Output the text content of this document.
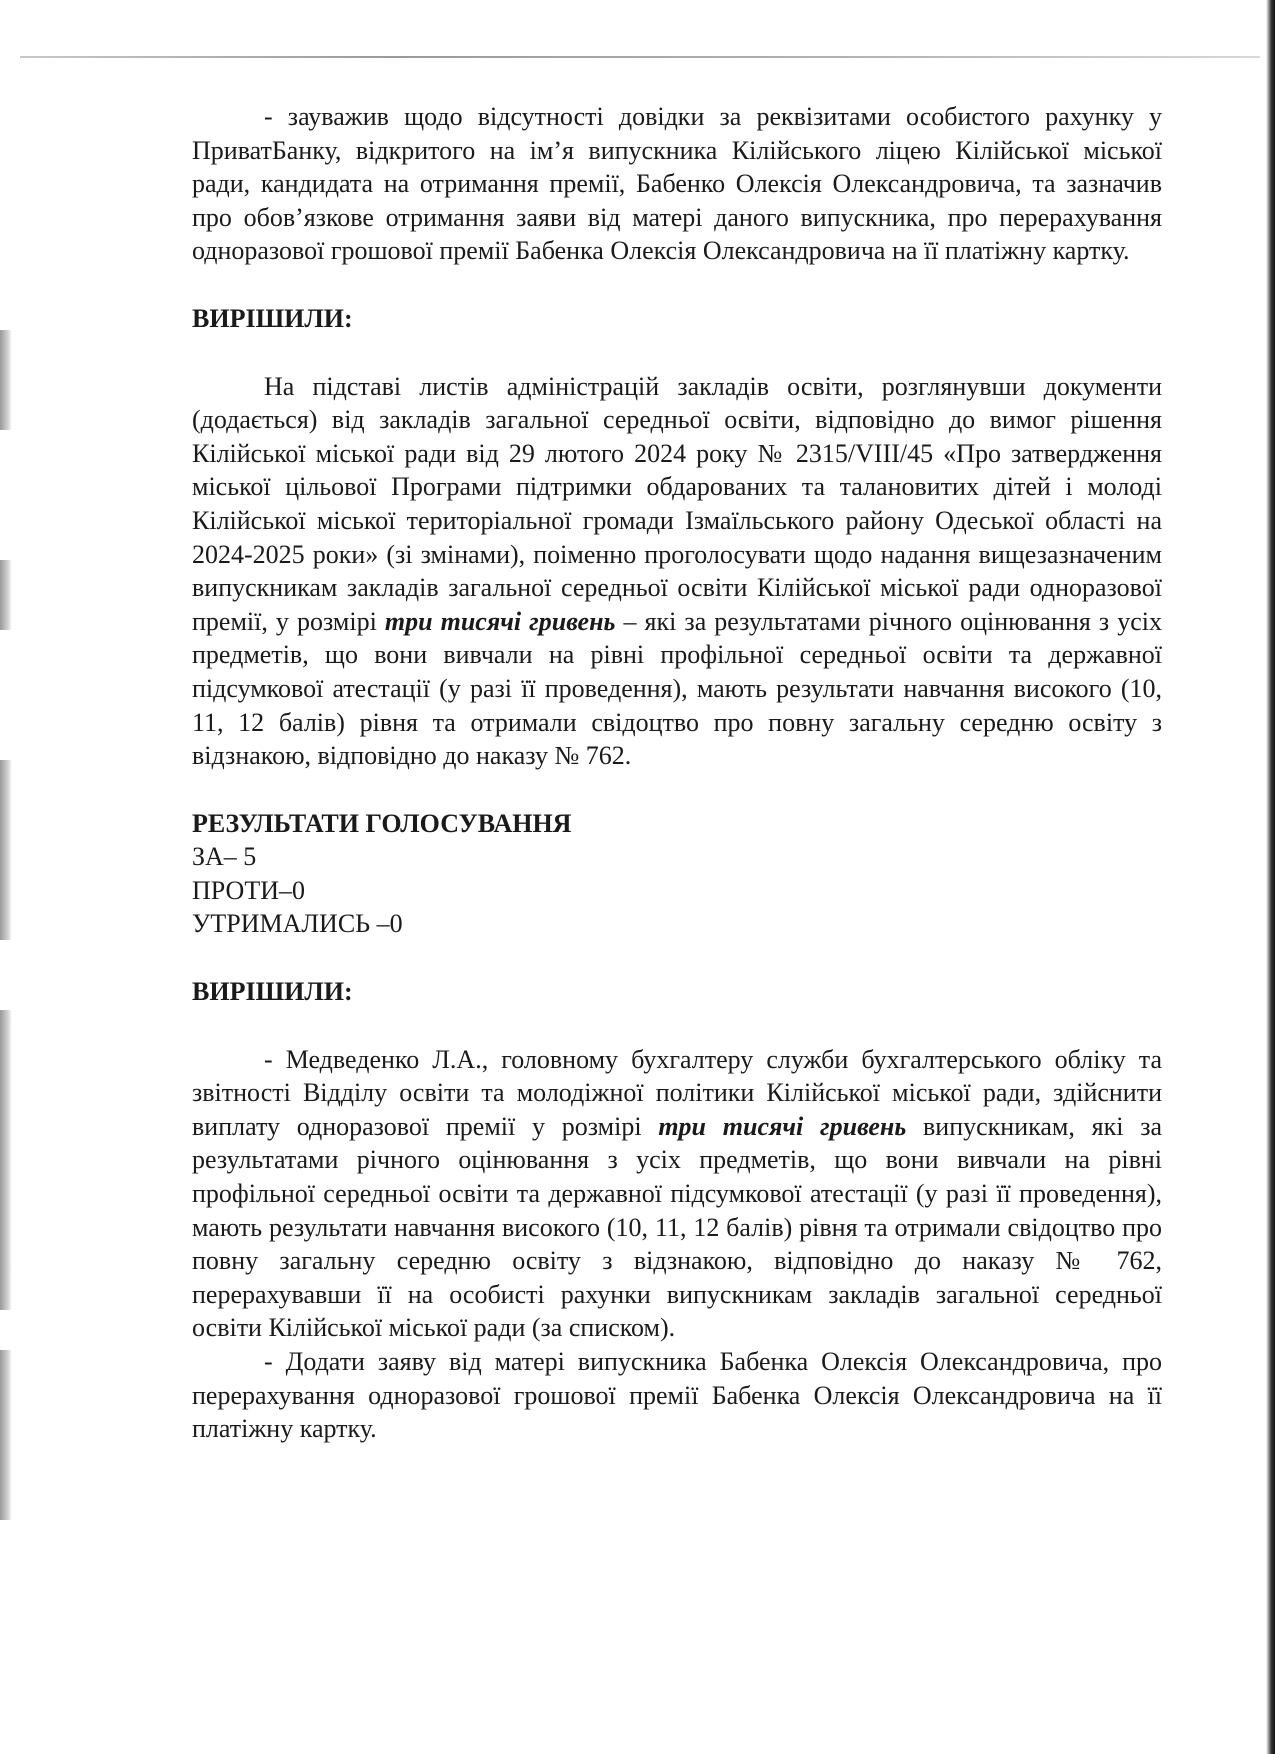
- зауважив щодо відсутності довідки за реквізитами особистого рахунку у ПриватБанку, відкритого на ім’я випускника Кілійського ліцею Кілійської міської ради, кандидата на отримання премії, Бабенко Олексія Олександровича, та зазначив про обов’язкове отримання заяви від матері даного випускника, про перерахування одноразової грошової премії Бабенка Олексія Олександровича на її платіжну картку.

ВИРІШИЛИ:

На підставі листів адміністрацій закладів освіти, розглянувши документи (додається) від закладів загальної середньої освіти, відповідно до вимог рішення Кілійської міської ради від 29 лютого 2024 року № 2315/VIII/45 «Про затвердження міської цільової Програми підтримки обдарованих та талановитих дітей і молоді Кілійської міської територіальної громади Ізмаїльського району Одеської області на 2024-2025 роки» (зі змінами), поіменно проголосувати щодо надання вищезазначеним випускникам закладів загальної середньої освіти Кілійської міської ради одноразової премії, у розмірі три тисячі гривень – які за результатами річного оцінювання з усіх предметів, що вони вивчали на рівні профільної середньої освіти та державної підсумкової атестації (у разі її проведення), мають результати навчання високого (10, 11, 12 балів) рівня та отримали свідоцтво про повну загальну середню освіту з відзнакою, відповідно до наказу № 762.

РЕЗУЛЬТАТИ ГОЛОСУВАННЯ

ЗА– 5

ПРОТИ–0

УТРИМАЛИСЬ –0

ВИРІШИЛИ:

- Медведенко Л.А., головному бухгалтеру служби бухгалтерського обліку та звітності Відділу освіти та молодіжної політики Кілійської міської ради, здійснити виплату одноразової премії у розмірі три тисячі гривень випускникам, які за результатами річного оцінювання з усіх предметів, що вони вивчали на рівні профільної середньої освіти та державної підсумкової атестації (у разі її проведення), мають результати навчання високого (10, 11, 12 балів) рівня та отримали свідоцтво про повну загальну середню освіту з відзнакою, відповідно до наказу № 762, перерахувавши її на особисті рахунки випускникам закладів загальної середньої освіти Кілійської міської ради (за списком).

- Додати заяву від матері випускника Бабенка Олексія Олександровича, про перерахування одноразової грошової премії Бабенка Олексія Олександровича на її платіжну картку.
